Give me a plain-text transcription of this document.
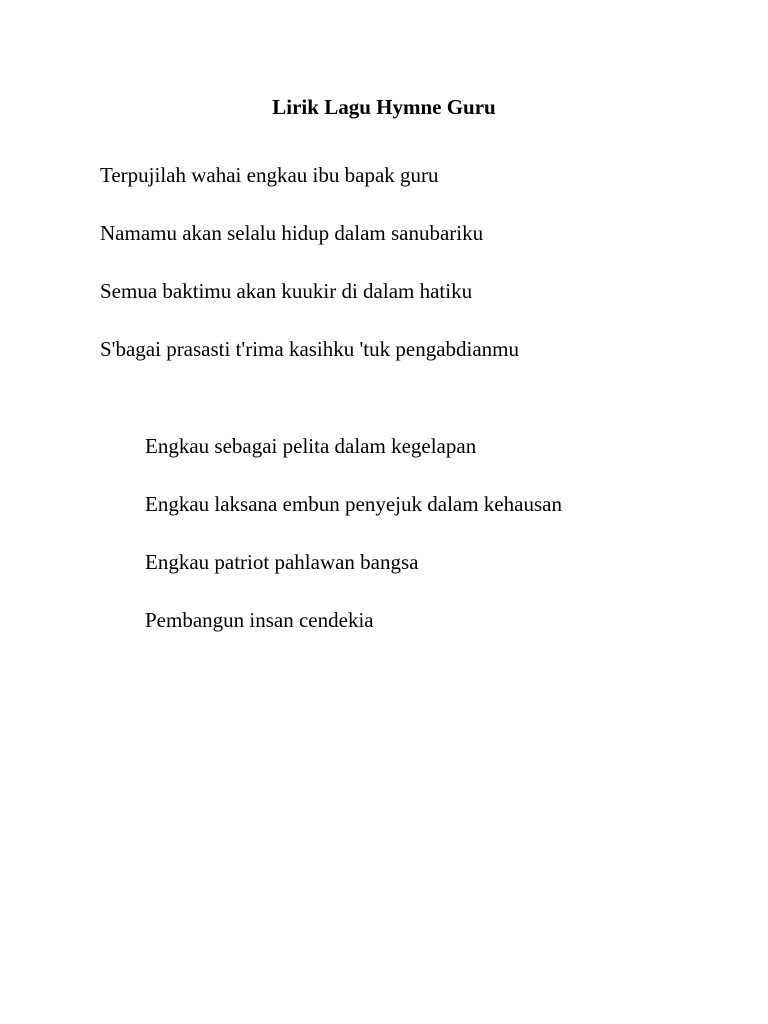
Lirik Lagu Hymne Guru
Terpujilah wahai engkau ibu bapak guru
Namamu akan selalu hidup dalam sanubariku
Semua baktimu akan kuukir di dalam hatiku
S'bagai prasasti t'rima kasihku 'tuk pengabdianmu
Engkau sebagai pelita dalam kegelapan
Engkau laksana embun penyejuk dalam kehausan
Engkau patriot pahlawan bangsa
Pembangun insan cendekia
